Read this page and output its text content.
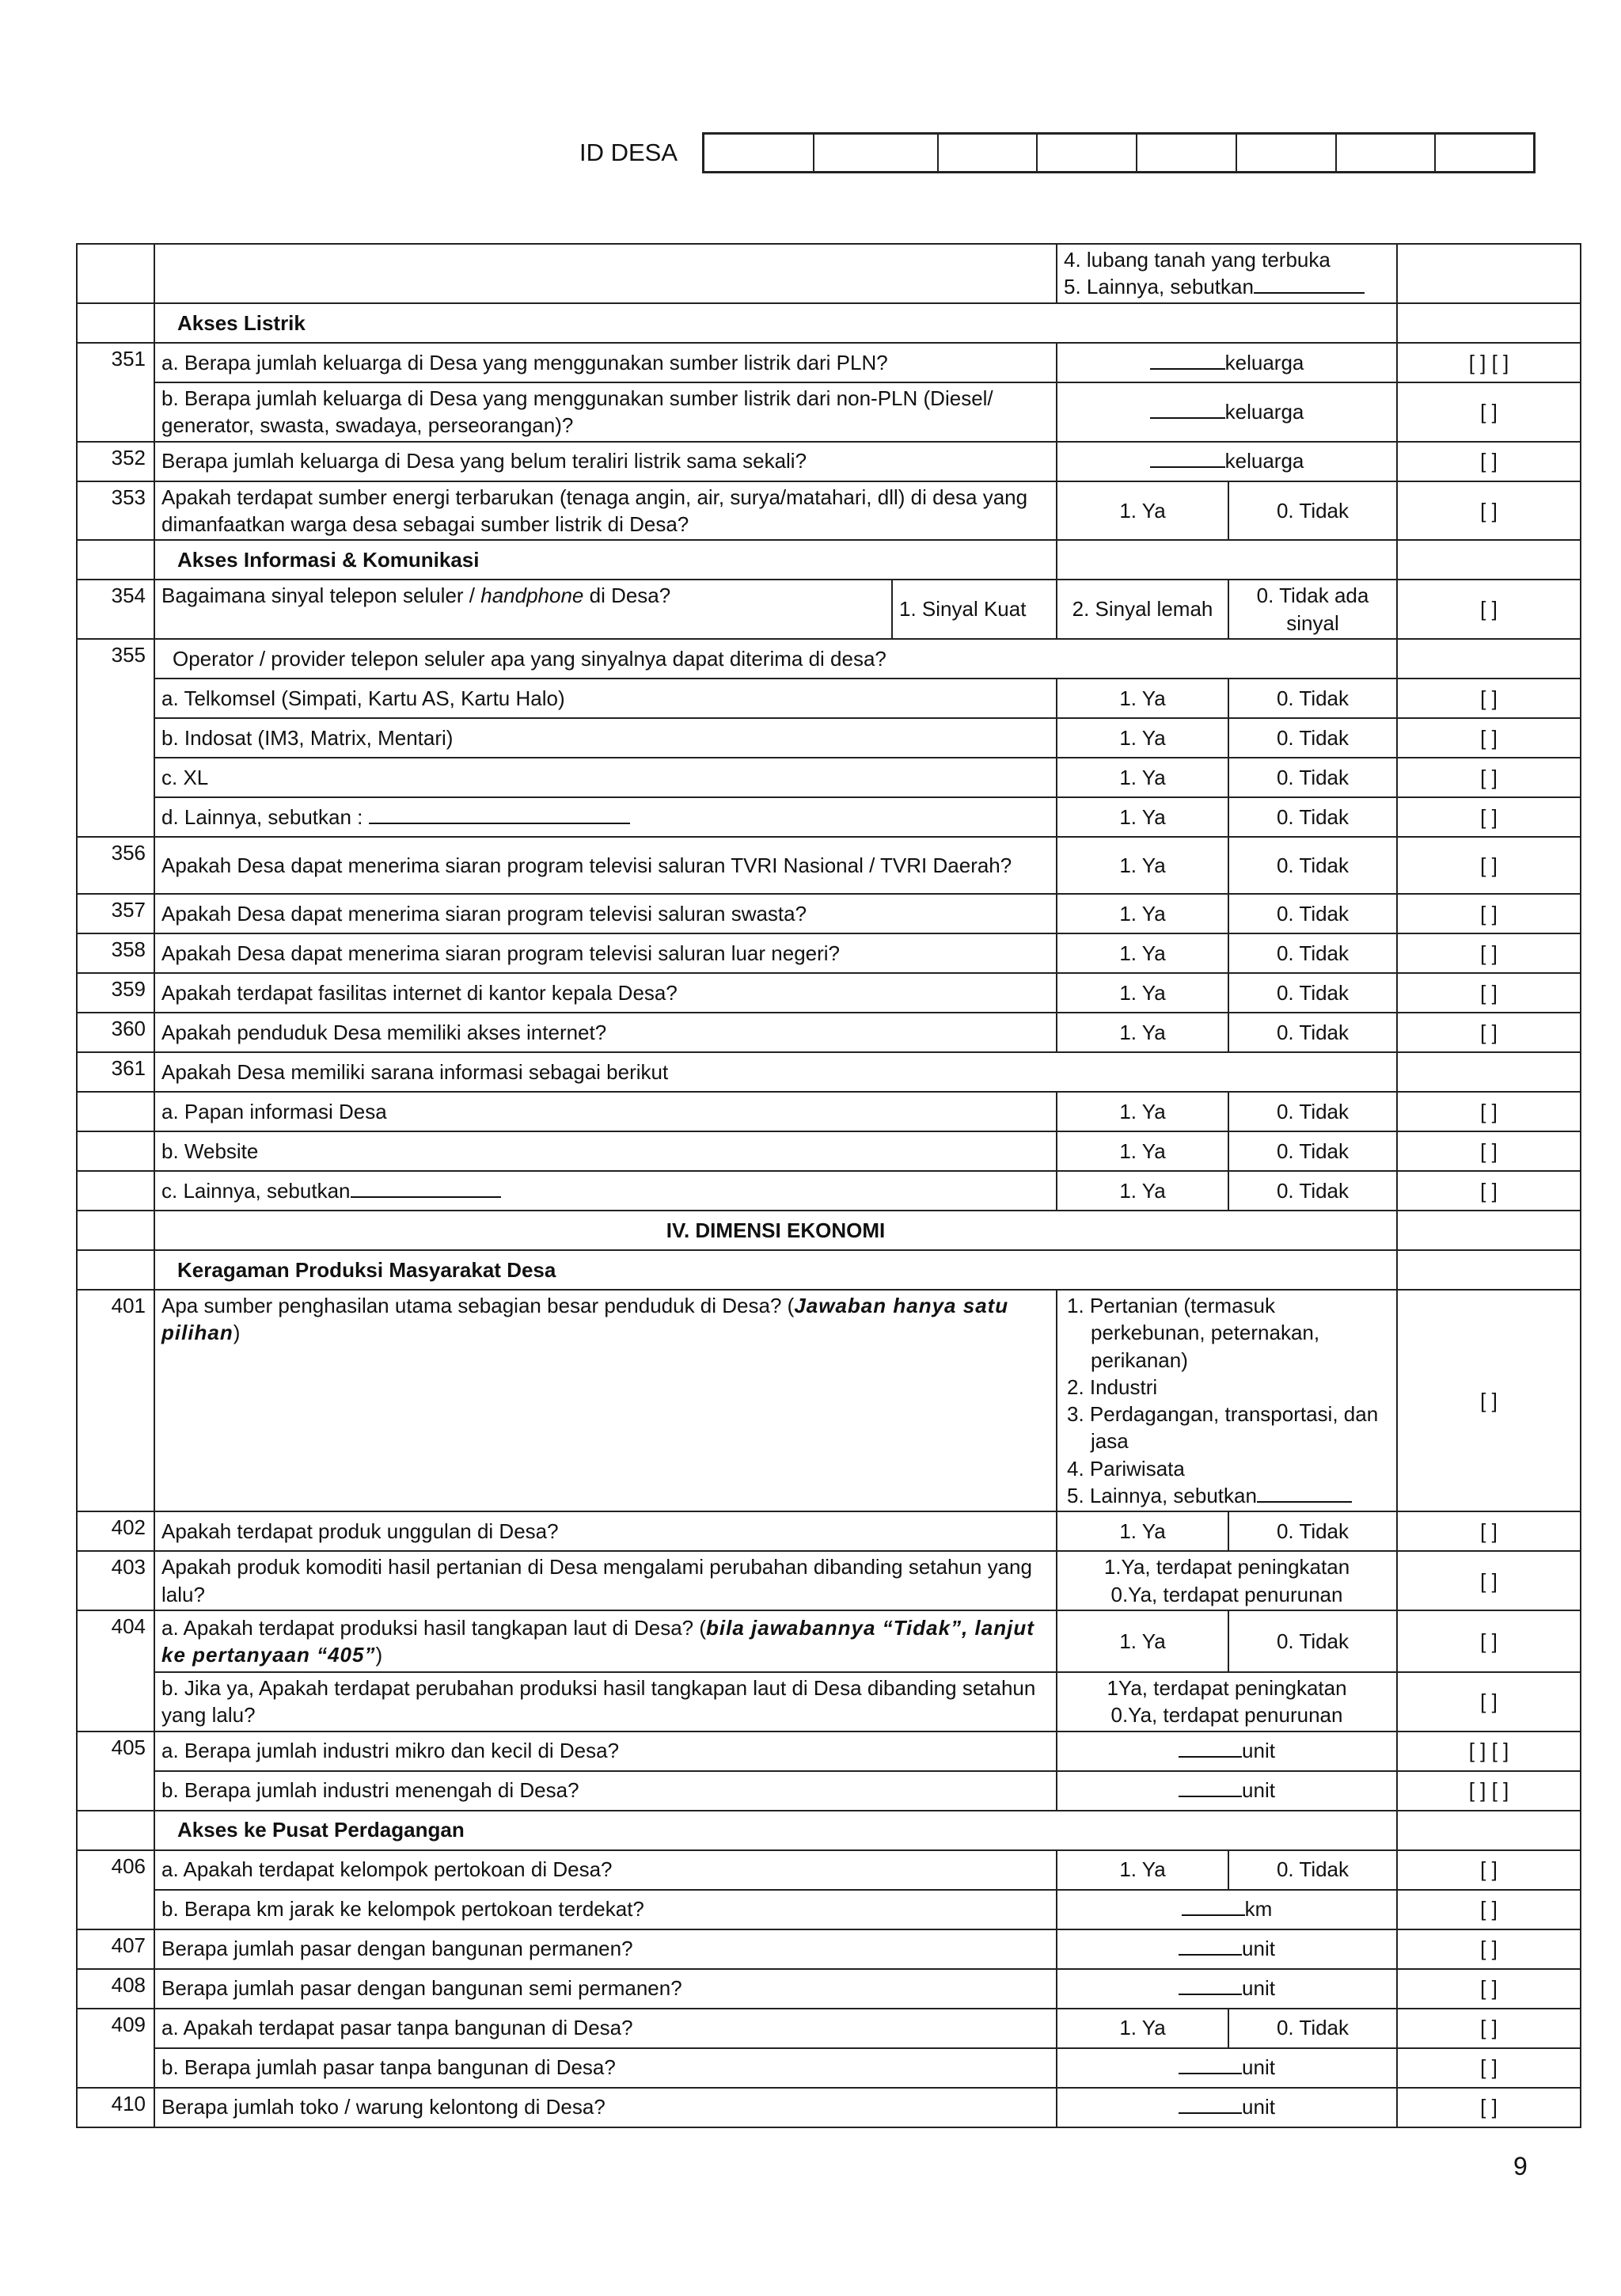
ID DESA

			4. lubang tanah yang terbuka
5. Lainnya, sebutkan		

	Akses Listrik				
351	a. Berapa jumlah keluarga di Desa yang menggunakan sumber listrik dari PLN?		keluarga		[ ] [ ]
	b. Berapa jumlah keluarga di Desa yang menggunakan sumber listrik dari non-PLN (Diesel/ generator, swasta, swadaya, perseorangan)?		keluarga		[ ]
352	Berapa jumlah keluarga di Desa yang belum teraliri listrik sama sekali?		keluarga		[ ]
353	Apakah terdapat sumber energi terbarukan (tenaga angin, air, surya/matahari, dll) di desa yang dimanfaatkan warga desa sebagai sumber listrik di Desa?		1. Ya	0. Tidak	[ ]
	Akses Informasi & Komunikasi				
354	Bagaimana sinyal telepon seluler / handphone di Desa?	1. Sinyal Kuat	2. Sinyal lemah	0. Tidak ada sinyal	[ ]
355	Operator / provider telepon seluler apa yang sinyalnya dapat diterima di desa?				
	a. Telkomsel (Simpati, Kartu AS, Kartu Halo)		1. Ya	0. Tidak	[ ]
	b. Indosat (IM3, Matrix, Mentari)		1. Ya	0. Tidak	[ ]
	c. XL		1. Ya	0. Tidak	[ ]
	d. Lainnya, sebutkan :		1. Ya	0. Tidak	[ ]
356	Apakah Desa dapat menerima siaran program televisi saluran TVRI Nasional / TVRI Daerah?		1. Ya	0. Tidak	[ ]
357	Apakah Desa dapat menerima siaran program televisi saluran swasta?		1. Ya	0. Tidak	[ ]
358	Apakah Desa dapat menerima siaran program televisi saluran luar negeri?		1. Ya	0. Tidak	[ ]
359	Apakah terdapat fasilitas internet di kantor kepala Desa?		1. Ya	0. Tidak	[ ]
360	Apakah penduduk Desa memiliki akses internet?		1. Ya	0. Tidak	[ ]
361	Apakah Desa memiliki sarana informasi sebagai berikut				
	a. Papan informasi Desa		1. Ya	0. Tidak	[ ]
	b. Website		1. Ya	0. Tidak	[ ]
	c. Lainnya, sebutkan		1. Ya	0. Tidak	[ ]
	IV. DIMENSI EKONOMI				
	Keragaman Produksi Masyarakat Desa				
401	Apa sumber penghasilan utama sebagian besar penduduk di Desa? (Jawaban hanya satu pilihan)		1. Pertanian (termasuk perkebunan, peternakan, perikanan)
2. Industri
3. Perdagangan, transportasi, dan jasa
4. Pariwisata
5. Lainnya, sebutkan		[ ]
402	Apakah terdapat produk unggulan di Desa?		1. Ya	0. Tidak	[ ]
403	Apakah produk komoditi hasil pertanian di Desa mengalami perubahan dibanding setahun yang lalu?		1.Ya, terdapat peningkatan
0.Ya, terdapat penurunan		[ ]
404	a. Apakah terdapat produksi hasil tangkapan laut di Desa? (bila jawabannya “Tidak”, lanjut ke pertanyaan “405”)		1. Ya	0. Tidak	[ ]
	b. Jika ya, Apakah terdapat perubahan produksi hasil tangkapan laut di Desa dibanding setahun yang lalu?		1Ya, terdapat peningkatan
0.Ya, terdapat penurunan		[ ]
405	a. Berapa jumlah industri mikro dan kecil di Desa?		unit		[ ] [ ]
	b. Berapa jumlah industri menengah di Desa?		unit		[ ] [ ]
	Akses ke Pusat Perdagangan				
406	a. Apakah terdapat kelompok pertokoan di Desa?		1. Ya	0. Tidak	[ ]
	b. Berapa km jarak ke kelompok pertokoan terdekat?		km		[ ]
407	Berapa jumlah pasar dengan bangunan permanen?		unit		[ ]
408	Berapa jumlah pasar dengan bangunan semi permanen?		unit		[ ]
409	a. Apakah terdapat pasar tanpa bangunan di Desa?		1. Ya	0. Tidak	[ ]
	b. Berapa jumlah pasar tanpa bangunan di Desa?		unit		[ ]
410	Berapa jumlah toko / warung kelontong di Desa?		unit		[ ]
9
